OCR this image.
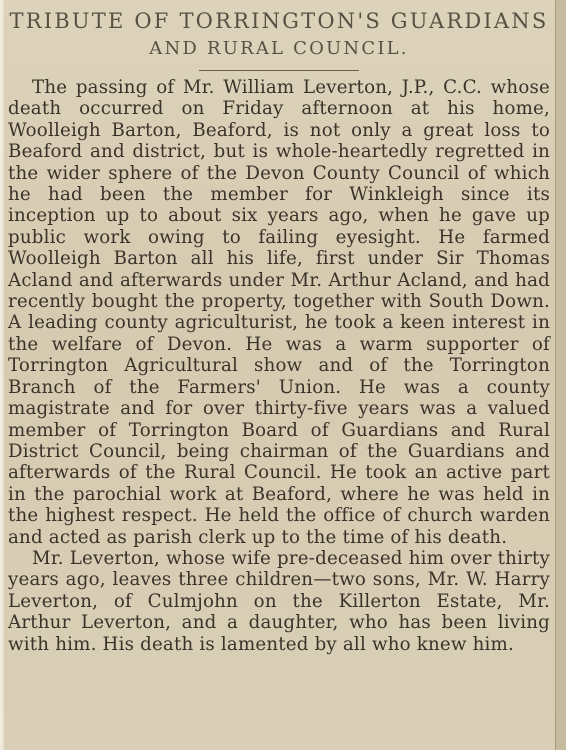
TRIBUTE OF TORRINGTON'S GUARDIANS
AND RURAL COUNCIL.

The passing of Mr. William Leverton, J.P., C.C. whose death occurred on Friday afternoon at his home, Woolleigh Barton, Beaford, is not only a great loss to Beaford and district, but is whole-heartedly regretted in the wider sphere of the Devon County Council of which he had been the member for Winkleigh since its inception up to about six years ago, when he gave up public work owing to failing eyesight. He farmed Woolleigh Barton all his life, first under Sir Thomas Acland and afterwards under Mr. Arthur Acland, and had recently bought the property, together with South Down. A leading county agriculturist, he took a keen interest in the welfare of Devon. He was a warm supporter of Torrington Agricultural show and of the Torrington Branch of the Farmers' Union. He was a county magistrate and for over thirty-five years was a valued member of Torrington Board of Guardians and Rural District Council, being chairman of the Guardians and afterwards of the Rural Council. He took an active part in the parochial work at Beaford, where he was held in the highest respect. He held the office of church warden and acted as parish clerk up to the time of his death.

Mr. Leverton, whose wife pre-deceased him over thirty years ago, leaves three children—two sons, Mr. W. Harry Leverton, of Culmjohn on the Killerton Estate, Mr. Arthur Leverton, and a daughter, who has been living with him. His death is lamented by all who knew him.
